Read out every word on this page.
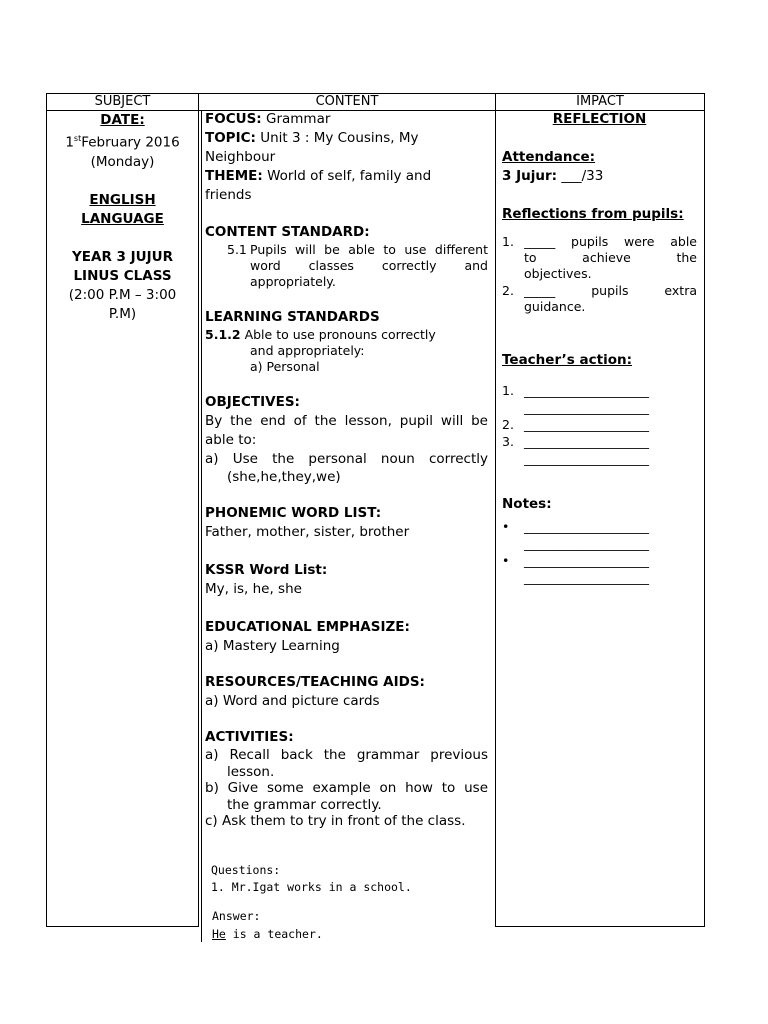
SUBJECT	CONTENT	IMPACT
DATE:
1stFebruary 2016
(Monday)
ENGLISH
LANGUAGE
YEAR 3 JUJUR
LINUS CLASS
(2:00 P.M – 3:00
P.M)
FOCUS: Grammar
TOPIC: Unit 3 : My Cousins, My
Neighbour
THEME: World of self, family and
friends
CONTENT STANDARD:
5.1 Pupils will be able to use different
word classes correctly and
appropriately.
LEARNING STANDARDS
5.1.2 Able to use pronouns correctly
and appropriately:
a) Personal
OBJECTIVES:
By the end of the lesson, pupil will be
able to:
a) Use the personal noun correctly
(she,he,they,we)
PHONEMIC WORD LIST:
Father, mother, sister, brother
KSSR Word List:
My, is, he, she
EDUCATIONAL EMPHASIZE:
a) Mastery Learning
RESOURCES/TEACHING AIDS:
a) Word and picture cards
ACTIVITIES:
a) Recall back the grammar previous
lesson.
b) Give some example on how to use
the grammar correctly.
c) Ask them to try in front of the class.
Questions:
1. Mr.Igat works in a school.
Answer:
He is a teacher.
REFLECTION
Attendance:
3 Jujur: ___/33
Reflections from pupils:
1. _____ pupils were able
to achieve the
objectives.
2. _____ pupils extra
guidance.
Teacher’s action:
1. ____________________
____________________
2. ____________________
3. ____________________
____________________
Notes:
• ____________________
____________________
• ____________________
____________________
